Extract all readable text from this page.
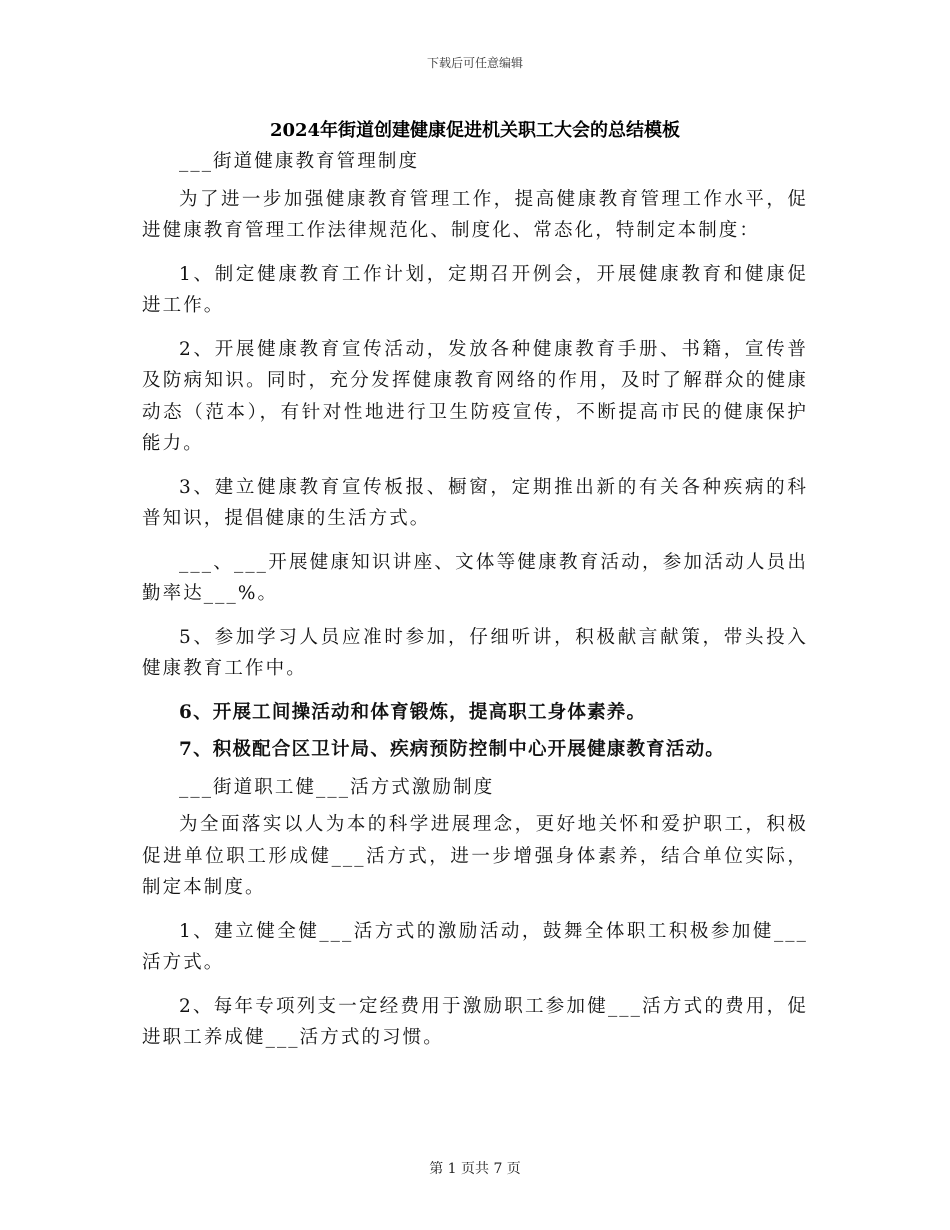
下载后可任意编辑
2024年街道创建健康促进机关职工大会的总结模板

___街道健康教育管理制度

为了进一步加强健康教育管理工作，提高健康教育管理工作水平，促进健康教育管理工作法律规范化、制度化、常态化，特制定本制度：

1、制定健康教育工作计划，定期召开例会，开展健康教育和健康促进工作。

2、开展健康教育宣传活动，发放各种健康教育手册、书籍，宣传普及防病知识。同时，充分发挥健康教育网络的作用，及时了解群众的健康动态（范本），有针对性地进行卫生防疫宣传，不断提高市民的健康保护能力。

3、建立健康教育宣传板报、橱窗，定期推出新的有关各种疾病的科普知识，提倡健康的生活方式。

___、___开展健康知识讲座、文体等健康教育活动，参加活动人员出勤率达___%。

5、参加学习人员应准时参加，仔细听讲，积极献言献策，带头投入健康教育工作中。

6、开展工间操活动和体育锻炼，提高职工身体素养。

7、积极配合区卫计局、疾病预防控制中心开展健康教育活动。

___街道职工健___活方式激励制度

为全面落实以人为本的科学进展理念，更好地关怀和爱护职工，积极促进单位职工形成健___活方式，进一步增强身体素养，结合单位实际，制定本制度。

1、建立健全健___活方式的激励活动，鼓舞全体职工积极参加健___活方式。

2、每年专项列支一定经费用于激励职工参加健___活方式的费用，促进职工养成健___活方式的习惯。

第 1 页共 7 页
